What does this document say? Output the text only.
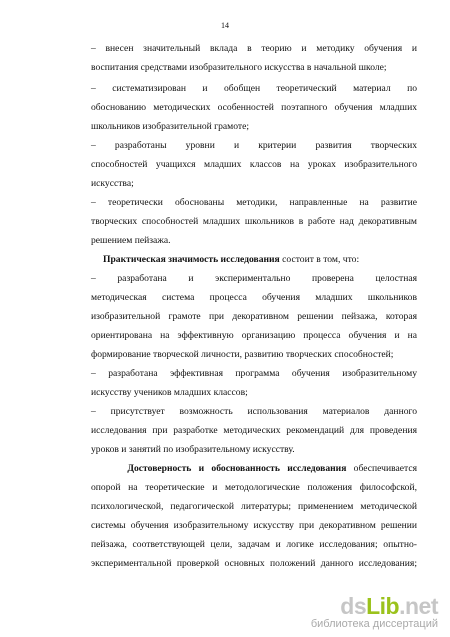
14
– внесен значительный вклада в теорию и методику обучения и
воспитания средствами изобразительного искусства в начальной школе;
– систематизирован и обобщен теоретический материал по
обоснованию методических особенностей поэтапного обучения младших
школьников изобразительной грамоте;
– разработаны уровни и критерии развития творческих
способностей учащихся младших классов на уроках изобразительного
искусства;
– теоретически обоснованы методики, направленные на развитие
творческих способностей младших школьников в работе над декоративным
решением пейзажа.
Практическая значимость исследования состоит в том, что:
– разработана и экспериментально проверена целостная
методическая система процесса обучения младших школьников
изобразительной грамоте при декоративном решении пейзажа, которая
ориентирована на эффективную организацию процесса обучения и на
формирование творческой личности, развитию творческих способностей;
– разработана эффективная программа обучения изобразительному
искусству учеников младших классов;
– присутствует возможность использования материалов данного
исследования при разработке методических рекомендаций для проведения
уроков и занятий по изобразительному искусству.
Достоверность и обоснованность исследования обеспечивается
опорой на теоретические и методологические положения философской,
психологической, педагогической литературы; применением методической
системы обучения изобразительному искусству при декоративном решении
пейзажа, соответствующей цели, задачам и логике исследования; опытно-
экспериментальной проверкой основных положений данного исследования;
dsLib.net
библиотека диссертаций
